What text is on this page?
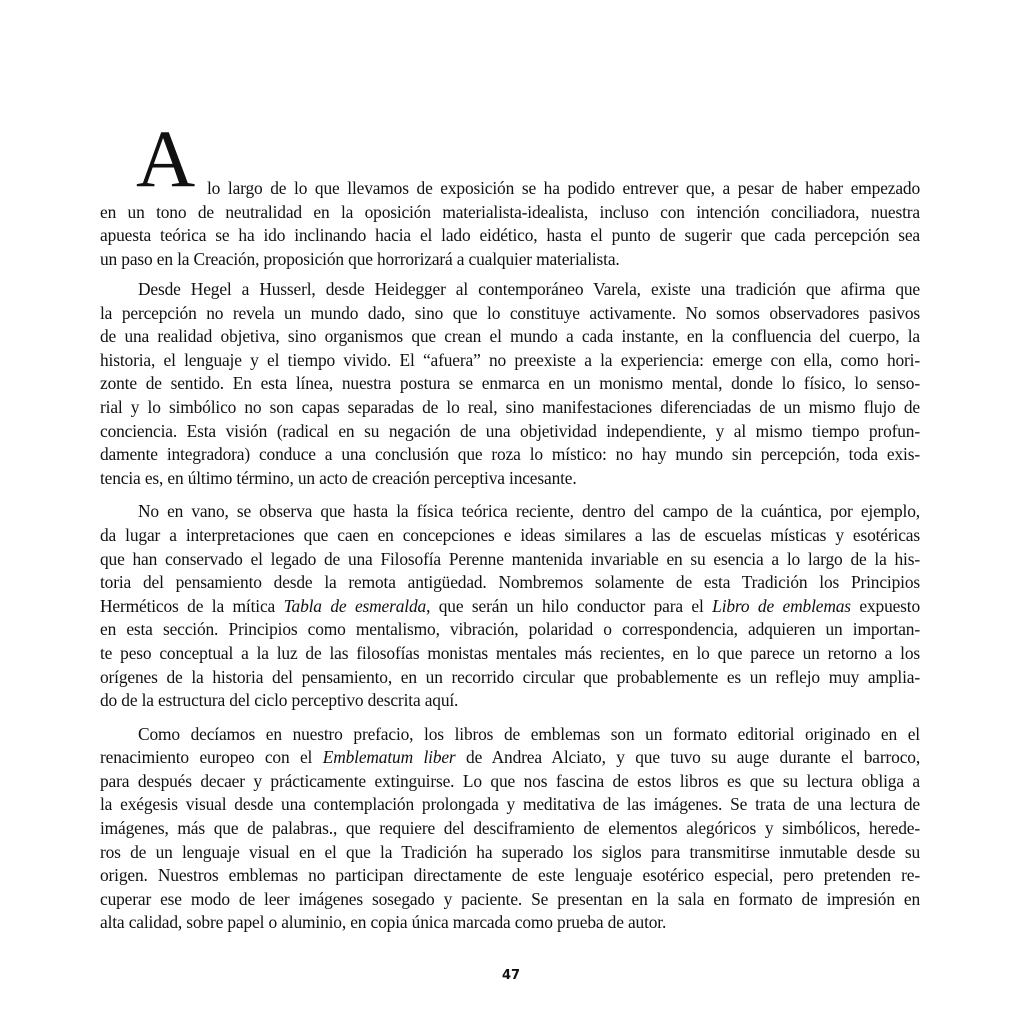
A lo largo de lo que llevamos de exposición se ha podido entrever que, a pesar de haber empezado
en un tono de neutralidad en la oposición materialista-idealista, incluso con intención conciliadora, nuestra
apuesta teórica se ha ido inclinando hacia el lado eidético, hasta el punto de sugerir que cada percepción sea
un paso en la Creación, proposición que horrorizará a cualquier materialista.
Desde Hegel a Husserl, desde Heidegger al contemporáneo Varela, existe una tradición que afirma que
la percepción no revela un mundo dado, sino que lo constituye activamente. No somos observadores pasivos
de una realidad objetiva, sino organismos que crean el mundo a cada instante, en la confluencia del cuerpo, la
historia, el lenguaje y el tiempo vivido. El “afuera” no preexiste a la experiencia: emerge con ella, como hori-
zonte de sentido. En esta línea, nuestra postura se enmarca en un monismo mental, donde lo físico, lo senso-
rial y lo simbólico no son capas separadas de lo real, sino manifestaciones diferenciadas de un mismo flujo de
conciencia. Esta visión (radical en su negación de una objetividad independiente, y al mismo tiempo profun-
damente integradora) conduce a una conclusión que roza lo místico: no hay mundo sin percepción, toda exis-
tencia es, en último término, un acto de creación perceptiva incesante.
No en vano, se observa que hasta la física teórica reciente, dentro del campo de la cuántica, por ejemplo,
da lugar a interpretaciones que caen en concepciones e ideas similares a las de escuelas místicas y esotéricas
que han conservado el legado de una Filosofía Perenne mantenida invariable en su esencia a lo largo de la his-
toria del pensamiento desde la remota antigüedad. Nombremos solamente de esta Tradición los Principios
Herméticos de la mítica Tabla de esmeralda, que serán un hilo conductor para el Libro de emblemas expuesto
en esta sección. Principios como mentalismo, vibración, polaridad o correspondencia, adquieren un importan-
te peso conceptual a la luz de las filosofías monistas mentales más recientes, en lo que parece un retorno a los
orígenes de la historia del pensamiento, en un recorrido circular que probablemente es un reflejo muy amplia-
do de la estructura del ciclo perceptivo descrita aquí.
Como decíamos en nuestro prefacio, los libros de emblemas son un formato editorial originado en el
renacimiento europeo con el Emblematum liber de Andrea Alciato, y que tuvo su auge durante el barroco,
para después decaer y prácticamente extinguirse. Lo que nos fascina de estos libros es que su lectura obliga a
la exégesis visual desde una contemplación prolongada y meditativa de las imágenes. Se trata de una lectura de
imágenes, más que de palabras., que requiere del desciframiento de elementos alegóricos y simbólicos, herede-
ros de un lenguaje visual en el que la Tradición ha superado los siglos para transmitirse inmutable desde su
origen. Nuestros emblemas no participan directamente de este lenguaje esotérico especial, pero pretenden re-
cuperar ese modo de leer imágenes sosegado y paciente. Se presentan en la sala en formato de impresión en
alta calidad, sobre papel o aluminio, en copia única marcada como prueba de autor.
47
